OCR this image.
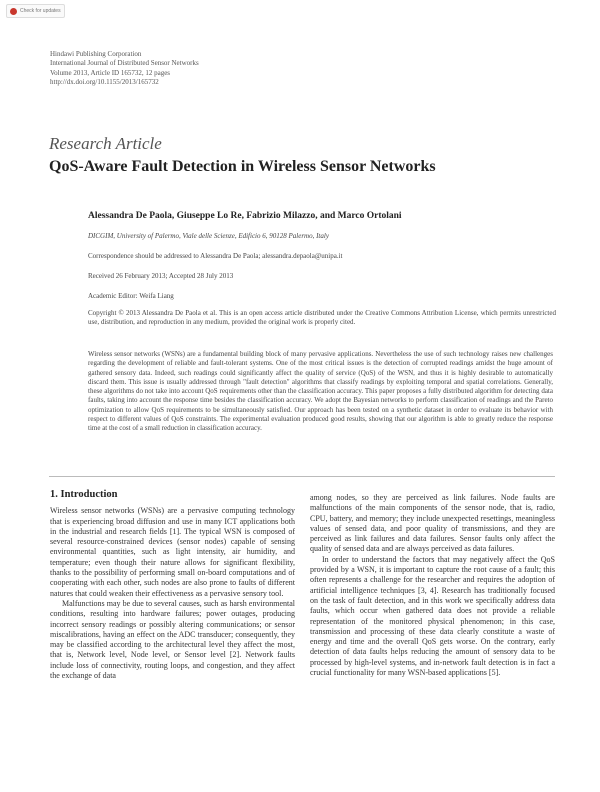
Check for updates
Hindawi Publishing Corporation
International Journal of Distributed Sensor Networks
Volume 2013, Article ID 165732, 12 pages
http://dx.doi.org/10.1155/2013/165732
Research Article
QoS-Aware Fault Detection in Wireless Sensor Networks
Alessandra De Paola, Giuseppe Lo Re, Fabrizio Milazzo, and Marco Ortolani
DICGIM, University of Palermo, Viale delle Scienze, Edificio 6, 90128 Palermo, Italy
Correspondence should be addressed to Alessandra De Paola; alessandra.depaola@unipa.it
Received 26 February 2013; Accepted 28 July 2013
Academic Editor: Weifa Liang
Copyright © 2013 Alessandra De Paola et al. This is an open access article distributed under the Creative Commons Attribution License, which permits unrestricted use, distribution, and reproduction in any medium, provided the original work is properly cited.
Wireless sensor networks (WSNs) are a fundamental building block of many pervasive applications. Nevertheless the use of such technology raises new challenges regarding the development of reliable and fault-tolerant systems. One of the most critical issues is the detection of corrupted readings amidst the huge amount of gathered sensory data. Indeed, such readings could significantly affect the quality of service (QoS) of the WSN, and thus it is highly desirable to automatically discard them. This issue is usually addressed through "fault detection" algorithms that classify readings by exploiting temporal and spatial correlations. Generally, these algorithms do not take into account QoS requirements other than the classification accuracy. This paper proposes a fully distributed algorithm for detecting data faults, taking into account the response time besides the classification accuracy. We adopt the Bayesian networks to perform classification of readings and the Pareto optimization to allow QoS requirements to be simultaneously satisfied. Our approach has been tested on a synthetic dataset in order to evaluate its behavior with respect to different values of QoS constraints. The experimental evaluation produced good results, showing that our algorithm is able to greatly reduce the response time at the cost of a small reduction in classification accuracy.
1. Introduction

Wireless sensor networks (WSNs) are a pervasive computing technology that is experiencing broad diffusion and use in many ICT applications both in the industrial and research fields [1]. The typical WSN is composed of several resource-constrained devices (sensor nodes) capable of sensing environmental quantities, such as light intensity, air humidity, and temperature; even though their nature allows for significant flexibility, thanks to the possibility of performing small on-board computations and of cooperating with each other, such nodes are also prone to faults of different natures that could weaken their effectiveness as a pervasive sensory tool.

Malfunctions may be due to several causes, such as harsh environmental conditions, resulting into hardware failures; power outages, producing incorrect sensory readings or possibly altering communications; or sensor miscalibrations, having an effect on the ADC transducer; consequently, they may be classified according to the architectural level they affect the most, that is, Network level, Node level, or Sensor level [2]. Network faults include loss of connectivity, routing loops, and congestion, and they affect the exchange of data

among nodes, so they are perceived as link failures. Node faults are malfunctions of the main components of the sensor node, that is, radio, CPU, battery, and memory; they include unexpected resettings, meaningless values of sensed data, and poor quality of transmissions, and they are perceived as link failures and data failures. Sensor faults only affect the quality of sensed data and are always perceived as data failures.

In order to understand the factors that may negatively affect the QoS provided by a WSN, it is important to capture the root cause of a fault; this often represents a challenge for the researcher and requires the adoption of artificial intelligence techniques [3, 4]. Research has traditionally focused on the task of fault detection, and in this work we specifically address data faults, which occur when gathered data does not provide a reliable representation of the monitored physical phenomenon; in this case, transmission and processing of these data clearly constitute a waste of energy and time and the overall QoS gets worse. On the contrary, early detection of data faults helps reducing the amount of sensory data to be processed by high-level systems, and in-network fault detection is in fact a crucial functionality for many WSN-based applications [5].
